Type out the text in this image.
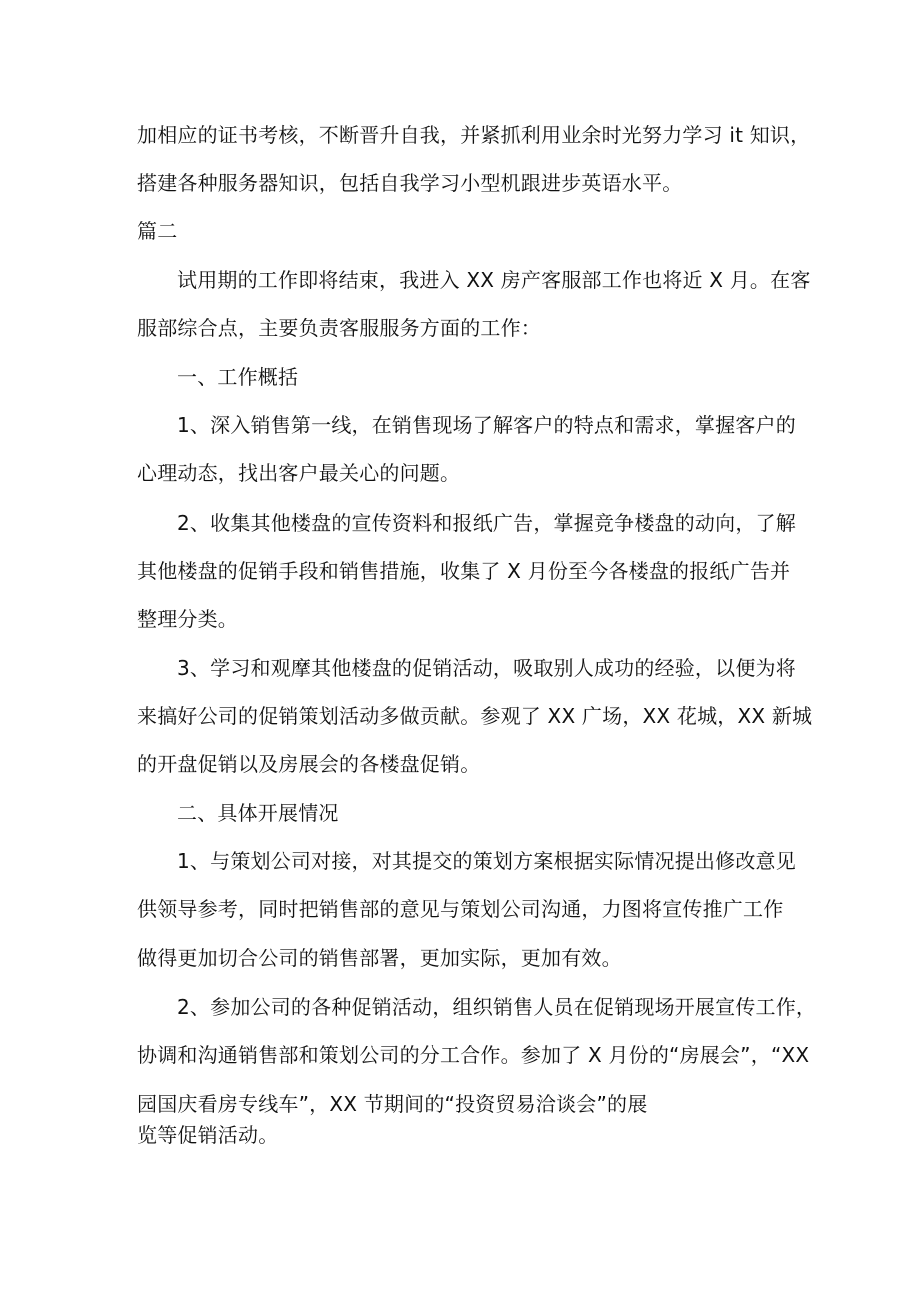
加相应的证书考核，不断晋升自我，并紧抓利用业余时光努力学习 it 知识，
搭建各种服务器知识，包括自我学习小型机跟进步英语水平。
篇二
试用期的工作即将结束，我进入 XX 房产客服部工作也将近 X 月。在客
服部综合点，主要负责客服服务方面的工作：
一、工作概括
1、深入销售第一线，在销售现场了解客户的特点和需求，掌握客户的
心理动态，找出客户最关心的问题。
2、收集其他楼盘的宣传资料和报纸广告，掌握竞争楼盘的动向，了解
其他楼盘的促销手段和销售措施，收集了 X 月份至今各楼盘的报纸广告并
整理分类。
3、学习和观摩其他楼盘的促销活动，吸取别人成功的经验，以便为将
来搞好公司的促销策划活动多做贡献。参观了 XX 广场，XX 花城，XX 新城
的开盘促销以及房展会的各楼盘促销。
二、具体开展情况
1、与策划公司对接，对其提交的策划方案根据实际情况提出修改意见
供领导参考，同时把销售部的意见与策划公司沟通，力图将宣传推广工作
做得更加切合公司的销售部署，更加实际，更加有效。
2、参加公司的各种促销活动，组织销售人员在促销现场开展宣传工作，
协调和沟通销售部和策划公司的分工合作。参加了 X 月份的“房展会”，“XX
园国庆看房专线车”，XX 节期间的“投资贸易洽谈会”的展
览等促销活动。
